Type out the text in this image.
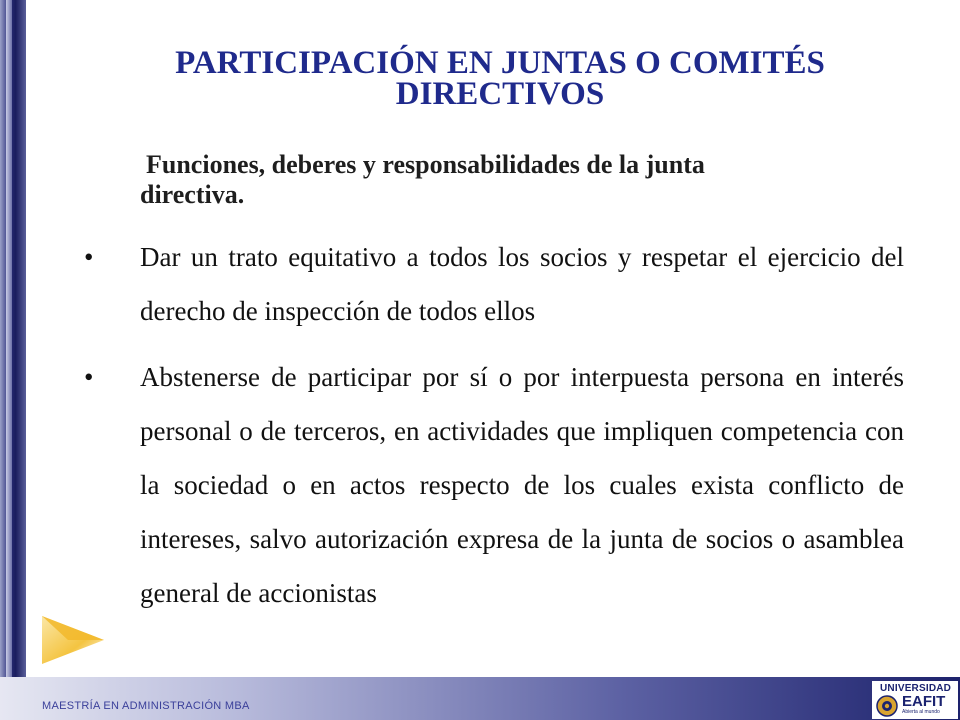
PARTICIPACIÓN EN JUNTAS O COMITÉS
DIRECTIVOS
Funciones, deberes y responsabilidades de la junta
directiva.
• Dar un trato equitativo a todos los socios y respetar el ejercicio del derecho de inspección de todos ellos
• Abstenerse de participar por sí o por interpuesta persona en interés personal o de terceros, en actividades que impliquen competencia con la sociedad o en actos respecto de los cuales exista conflicto de intereses, salvo autorización expresa de la junta de socios o asamblea general de accionistas
MAESTRÍA EN ADMINISTRACIÓN MBA
UNIVERSIDAD
EAFIT
Abierta al mundo
